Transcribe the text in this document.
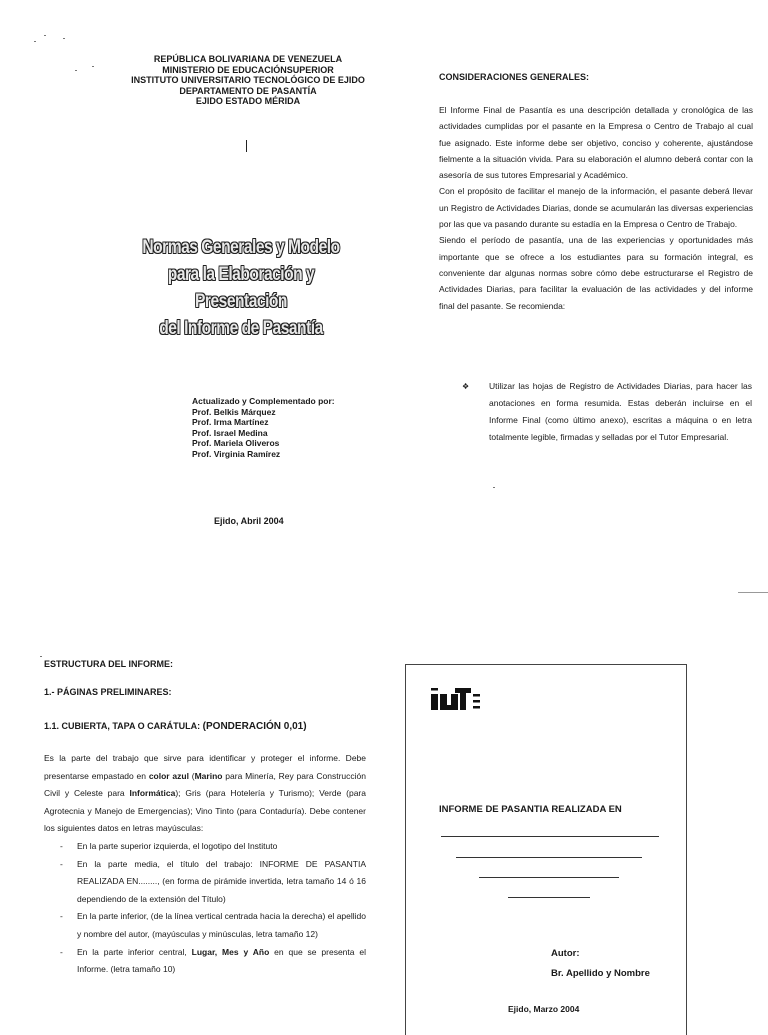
REPÚBLICA BOLIVARIANA DE VENEZUELA
MINISTERIO DE EDUCACIÓNSUPERIOR
INSTITUTO UNIVERSITARIO TECNOLÓGICO DE EJIDO
DEPARTAMENTO DE PASANTÍA
EJIDO ESTADO MÉRIDA
Normas Generales y Modelo
para la Elaboración y Presentación
del Informe de Pasantía
Actualizado y Complementado por:
Prof. Belkis Márquez
Prof. Irma Martínez
Prof. Israel Medina
Prof. Mariela Oliveros
Prof. Virginia Ramírez
Ejido, Abril 2004
CONSIDERACIONES GENERALES:

El Informe Final de Pasantía es una descripción detallada y cronológica de las actividades cumplidas por el pasante en la Empresa o Centro de Trabajo al cual fue asignado. Este informe debe ser objetivo, conciso y coherente, ajustándose fielmente a la situación vivida. Para su elaboración el alumno deberá contar con la asesoría de sus tutores Empresarial y Académico.

Con el propósito de facilitar el manejo de la información, el pasante deberá llevar un Registro de Actividades Diarias, donde se acumularán las diversas experiencias por las que va pasando durante su estadía en la Empresa o Centro de Trabajo.

Siendo el período de pasantía, una de las experiencias y oportunidades más importante que se ofrece a los estudiantes para su formación integral, es conveniente dar algunas normas sobre cómo debe estructurarse el Registro de Actividades Diarias, para facilitar la evaluación de las actividades y del informe final del pasante. Se recomienda:

❖ Utilizar las hojas de Registro de Actividades Diarias, para hacer las anotaciones en forma resumida. Estas deberán incluirse en el Informe Final (como último anexo), escritas a máquina o en letra totalmente legible, firmadas y selladas por el Tutor Empresarial.
ESTRUCTURA DEL INFORME:
1.- PÁGINAS PRELIMINARES:
1.1. CUBIERTA, TAPA O CARÁTULA: (PONDERACIÓN 0,01)

Es la parte del trabajo que sirve para identificar y proteger el informe. Debe presentarse empastado en color azul (Marino para Minería, Rey para Construcción Civil y Celeste para Informática); Gris (para Hotelería y Turismo); Verde (para Agrotecnia y Manejo de Emergencias); Vino Tinto (para Contaduría). Debe contener los siguientes datos en letras mayúsculas:

- En la parte superior izquierda, el logotipo del Instituto
- En la parte media, el título del trabajo: INFORME DE PASANTIA REALIZADA EN........, (en forma de pirámide invertida, letra tamaño 14 ó 16 dependiendo de la extensión del Título)
- En la parte inferior, (de la línea vertical centrada hacia la derecha) el apellido y nombre del autor, (mayúsculas y minúsculas, letra tamaño 12)
- En la parte inferior central, Lugar, Mes y Año en que se presenta el Informe. (letra tamaño 10)
INFORME DE PASANTIA REALIZADA EN
Autor:
Br. Apellido y Nombre
Ejido, Marzo 2004
